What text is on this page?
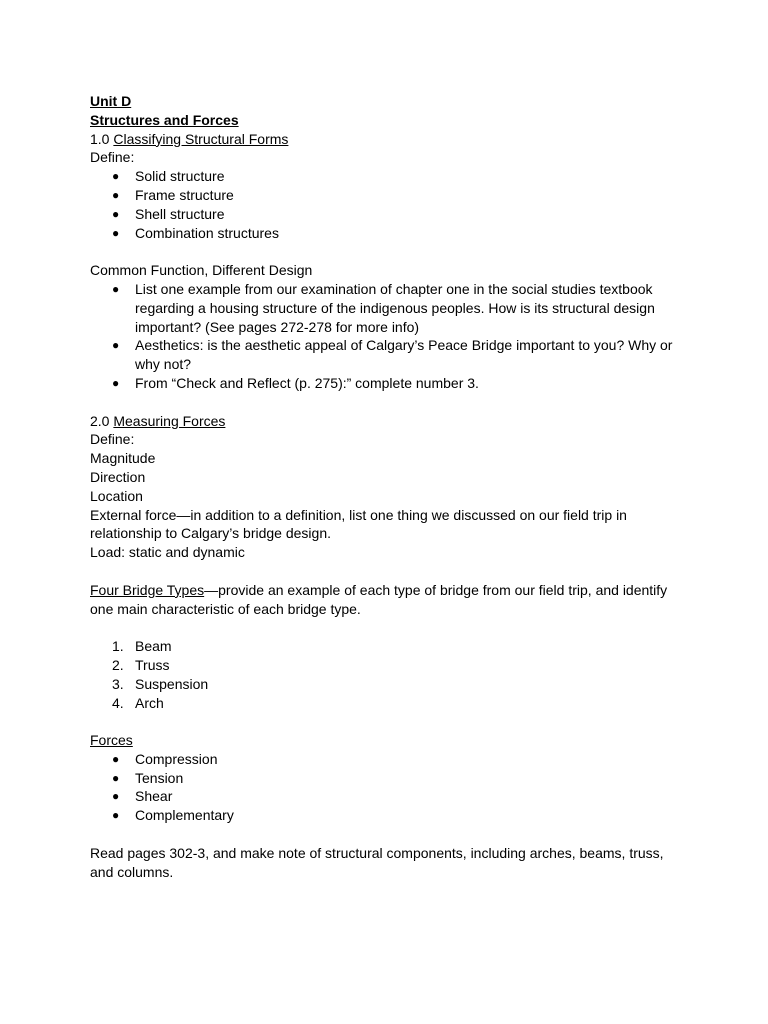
Unit D

Structures and Forces

1.0 Classifying Structural Forms

Define:

● Solid structure
● Frame structure
● Shell structure
● Combination structures

Common Function, Different Design

● List one example from our examination of chapter one in the social studies textbook regarding a housing structure of the indigenous peoples. How is its structural design important? (See pages 272-278 for more info)
● Aesthetics: is the aesthetic appeal of Calgary’s Peace Bridge important to you? Why or why not?
● From “Check and Reflect (p. 275):” complete number 3.

2.0 Measuring Forces

Define:

Magnitude

Direction

Location

External force—in addition to a definition, list one thing we discussed on our field trip in relationship to Calgary’s bridge design.

Load: static and dynamic

Four Bridge Types—provide an example of each type of bridge from our field trip, and identify one main characteristic of each bridge type.

1. Beam
2. Truss
3. Suspension
4. Arch

Forces

● Compression
● Tension
● Shear
● Complementary

Read pages 302-3, and make note of structural components, including arches, beams, truss, and columns.
